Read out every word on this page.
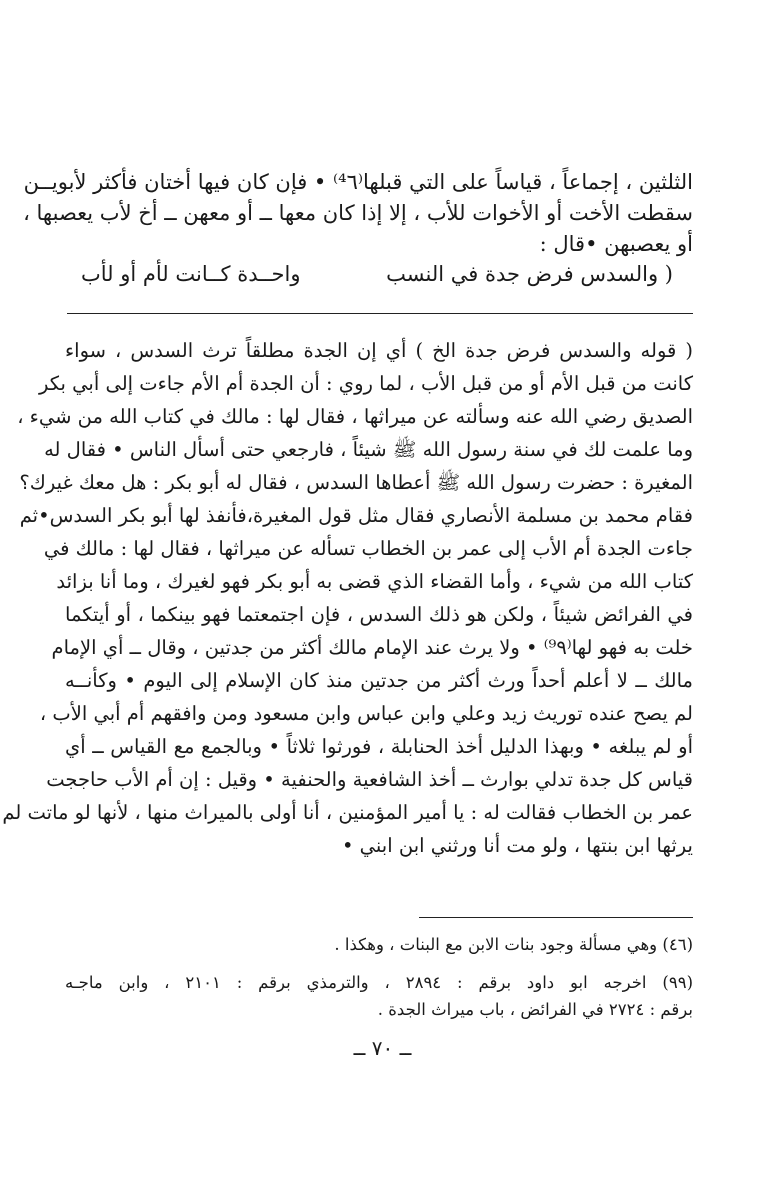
الثلثين ، إجماعاً ، قياساً على التي قبلها⁽⁴٦⁾ • فإن كان فيها أختان فأكثر لأبويــن
سقطت الأخت أو الأخوات للأب ، إلا إذا كان معها ــ أو معهن ــ أخ لأب يعصبها ،
أو يعصبهن •قال :
( والسدس فرض جدة في النسب
واحــدة كــانت لأم أو لأب
( قوله والسدس فرض جدة الخ ) أي إن الجدة مطلقاً ترث السدس ، سواء
كانت من قبل الأم أو من قبل الأب ، لما روي : أن الجدة أم الأم جاءت إلى أبي بكر
الصديق رضي الله عنه وسألته عن ميراثها ، فقال لها : مالك في كتاب الله من شيء ،
وما علمت لك في سنة رسول الله ﷺ شيئاً ، فارجعي حتى أسأل الناس • فقال له
المغيرة : حضرت رسول الله ﷺ أعطاها السدس ، فقال له أبو بكر : هل معك غيرك؟
فقام محمد بن مسلمة الأنصاري فقال مثل قول المغيرة،فأنفذ لها أبو بكر السدس•ثم
جاءت الجدة أم الأب إلى عمر بن الخطاب تسأله عن ميراثها ، فقال لها : مالك في
كتاب الله من شيء ، وأما القضاء الذي قضى به أبو بكر فهو لغيرك ، وما أنا بزائد
في الفرائض شيئاً ، ولكن هو ذلك السدس ، فإن اجتمعتما فهو بينكما ، أو أيتكما
خلت به فهو لها⁽⁹٩⁾ • ولا يرث عند الإمام مالك أكثر من جدتين ، وقال ــ أي الإمام
مالك ــ لا أعلم أحداً ورث أكثر من جدتين منذ كان الإسلام إلى اليوم • وكأنــه
لم يصح عنده توريث زيد وعلي وابن عباس وابن مسعود ومن وافقهم أم أبي الأب ،
أو لم يبلغه • وبهذا الدليل أخذ الحنابلة ، فورثوا ثلاثاً • وبالجمع مع القياس ــ أي
قياس كل جدة تدلي بوارث ــ أخذ الشافعية والحنفية • وقيل : إن أم الأب حاججت
عمر بن الخطاب فقالت له : يا أمير المؤمنين ، أنا أولى بالميراث منها ، لأنها لو ماتت لم
يرثها ابن بنتها ، ولو مت أنا ورثني ابن ابني •
(٤٦) وهي مسألة وجود بنات الابن مع البنات ، وهكذا .
(٩٩) اخرجه ابو داود برقم : ٢٨٩٤ ، والترمذي برقم : ٢١٠١ ، وابن ماجـه
برقم : ٢٧٢٤ في الفرائض ، باب ميراث الجدة .
ــ ٧٠ ــ
